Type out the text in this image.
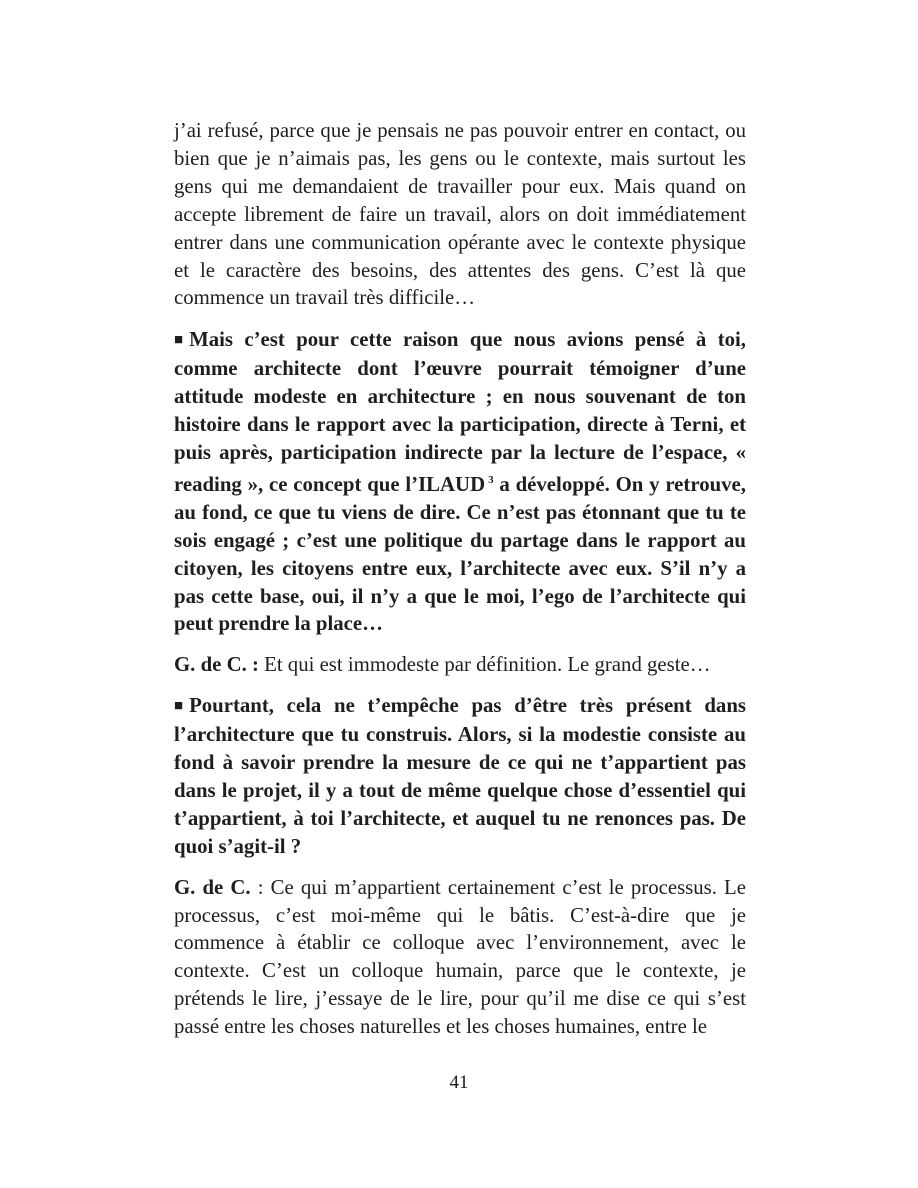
j’ai refusé, parce que je pensais ne pas pouvoir entrer en contact, ou bien que je n’aimais pas, les gens ou le contexte, mais surtout les gens qui me demandaient de travailler pour eux. Mais quand on accepte librement de faire un travail, alors on doit immédiatement entrer dans une communication opérante avec le contexte physique et le caractère des besoins, des attentes des gens. C’est là que commence un travail très difficile…

■ Mais c’est pour cette raison que nous avions pensé à toi, comme architecte dont l’œuvre pourrait témoigner d’une attitude modeste en architecture ; en nous souvenant de ton histoire dans le rapport avec la participation, directe à Terni, et puis après, participation indirecte par la lecture de l’espace, « reading », ce concept que l’ILAUD $^3$ a développé. On y retrouve, au fond, ce que tu viens de dire. Ce n’est pas étonnant que tu te sois engagé ; c’est une politique du partage dans le rapport au citoyen, les citoyens entre eux, l’architecte avec eux. S’il n’y a pas cette base, oui, il n’y a que le moi, l’ego de l’architecte qui peut prendre la place…

G. de C. : Et qui est immodeste par définition. Le grand geste…

■ Pourtant, cela ne t’empêche pas d’être très présent dans l’architecture que tu construis. Alors, si la modestie consiste au fond à savoir prendre la mesure de ce qui ne t’appartient pas dans le projet, il y a tout de même quelque chose d’essentiel qui t’appartient, à toi l’architecte, et auquel tu ne renonces pas. De quoi s’agit-il ?

G. de C. : Ce qui m’appartient certainement c’est le processus. Le processus, c’est moi-même qui le bâtis. C’est-à-dire que je commence à établir ce colloque avec l’environnement, avec le contexte. C’est un colloque humain, parce que le contexte, je prétends le lire, j’essaye de le lire, pour qu’il me dise ce qui s’est passé entre les choses naturelles et les choses humaines, entre le

41
